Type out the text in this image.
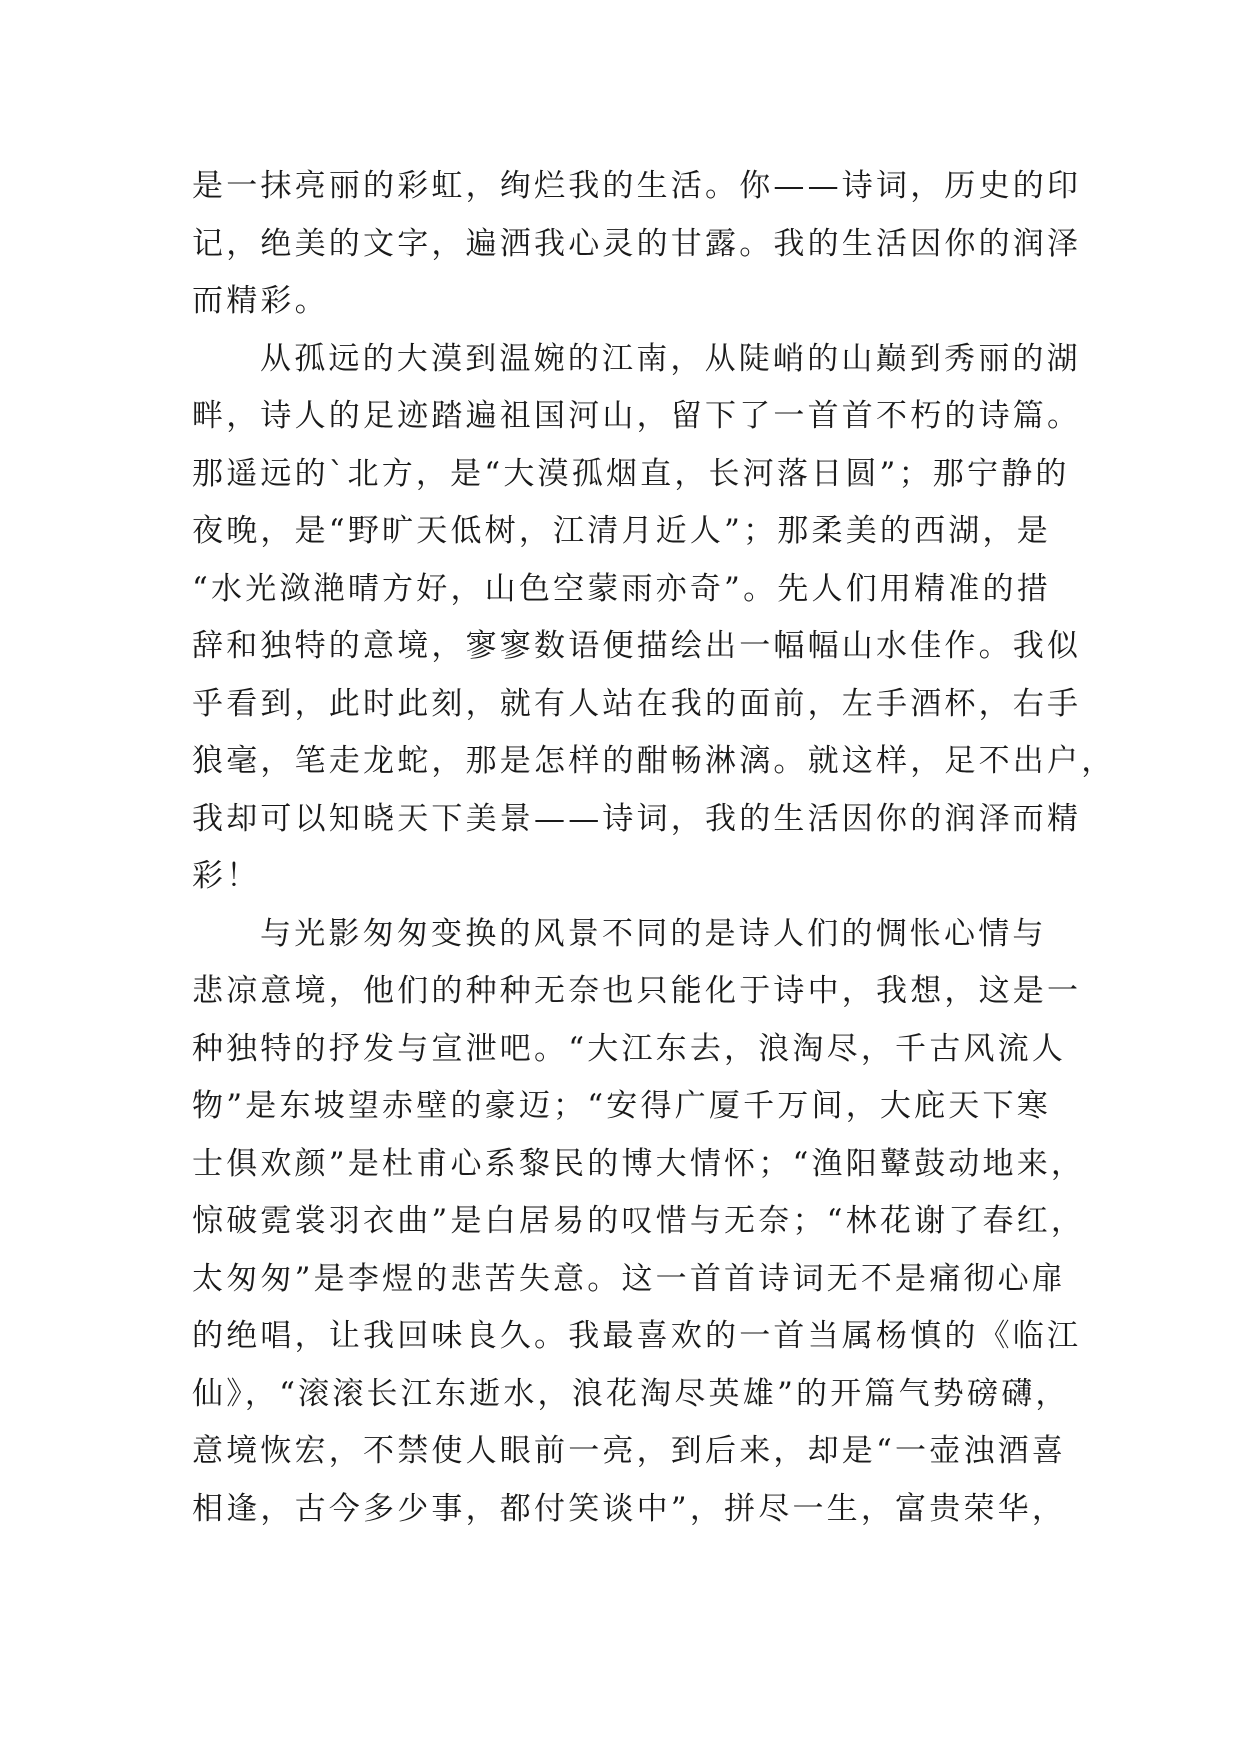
是一抹亮丽的彩虹，绚烂我的生活。你——诗词，历史的印
记，绝美的文字，遍洒我心灵的甘露。我的生活因你的润泽
而精彩。
从孤远的大漠到温婉的江南，从陡峭的山巅到秀丽的湖
畔，诗人的足迹踏遍祖国河山，留下了一首首不朽的诗篇。
那遥远的`北方，是“大漠孤烟直，长河落日圆”；那宁静的
夜晚，是“野旷天低树，江清月近人”；那柔美的西湖，是
“水光潋滟晴方好，山色空蒙雨亦奇”。先人们用精准的措
辞和独特的意境，寥寥数语便描绘出一幅幅山水佳作。我似
乎看到，此时此刻，就有人站在我的面前，左手酒杯，右手
狼毫，笔走龙蛇，那是怎样的酣畅淋漓。就这样，足不出户，
我却可以知晓天下美景——诗词，我的生活因你的润泽而精
彩！
与光影匆匆变换的风景不同的是诗人们的惆怅心情与
悲凉意境，他们的种种无奈也只能化于诗中，我想，这是一
种独特的抒发与宣泄吧。“大江东去，浪淘尽，千古风流人
物”是东坡望赤壁的豪迈；“安得广厦千万间，大庇天下寒
士俱欢颜”是杜甫心系黎民的博大情怀；“渔阳鼙鼓动地来，
惊破霓裳羽衣曲”是白居易的叹惜与无奈；“林花谢了春红，
太匆匆”是李煜的悲苦失意。这一首首诗词无不是痛彻心扉
的绝唱，让我回味良久。我最喜欢的一首当属杨慎的《临江
仙》，“滚滚长江东逝水，浪花淘尽英雄”的开篇气势磅礴，
意境恢宏，不禁使人眼前一亮，到后来，却是“一壶浊酒喜
相逢，古今多少事，都付笑谈中”，拼尽一生，富贵荣华，
